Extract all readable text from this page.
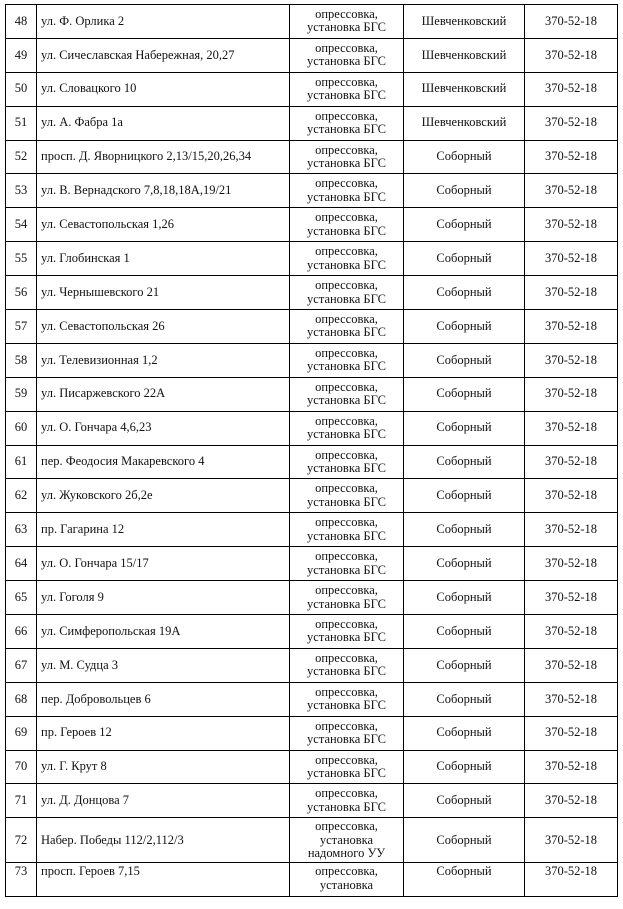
48	ул. Ф. Орлика 2	опрессовка,
установка БГС	Шевченковский	370-52-18
49	ул. Сичеславская Набережная, 20,27	опрессовка,
установка БГС	Шевченковский	370-52-18
50	ул. Словацкого 10	опрессовка,
установка БГС	Шевченковский	370-52-18
51	ул. А. Фабра 1а	опрессовка,
установка БГС	Шевченковский	370-52-18
52	просп. Д. Яворницкого 2,13/15,20,26,34	опрессовка,
установка БГС	Соборный	370-52-18
53	ул. В. Вернадского 7,8,18,18А,19/21	опрессовка,
установка БГС	Соборный	370-52-18
54	ул. Севастопольская 1,26	опрессовка,
установка БГС	Соборный	370-52-18
55	ул. Глобинская 1	опрессовка,
установка БГС	Соборный	370-52-18
56	ул. Чернышевского 21	опрессовка,
установка БГС	Соборный	370-52-18
57	ул. Севастопольская 26	опрессовка,
установка БГС	Соборный	370-52-18
58	ул. Телевизионная 1,2	опрессовка,
установка БГС	Соборный	370-52-18
59	ул. Писаржевского 22А	опрессовка,
установка БГС	Соборный	370-52-18
60	ул. О. Гончара 4,6,23	опрессовка,
установка БГС	Соборный	370-52-18
61	пер. Феодосия Макаревского 4	опрессовка,
установка БГС	Соборный	370-52-18
62	ул. Жуковского 2б,2е	опрессовка,
установка БГС	Соборный	370-52-18
63	пр. Гагарина 12	опрессовка,
установка БГС	Соборный	370-52-18
64	ул. О. Гончара 15/17	опрессовка,
установка БГС	Соборный	370-52-18
65	ул. Гоголя 9	опрессовка,
установка БГС	Соборный	370-52-18
66	ул. Симферопольская 19А	опрессовка,
установка БГС	Соборный	370-52-18
67	ул. М. Судца 3	опрессовка,
установка БГС	Соборный	370-52-18
68	пер. Добровольцев 6	опрессовка,
установка БГС	Соборный	370-52-18
69	пр. Героев 12	опрессовка,
установка БГС	Соборный	370-52-18
70	ул. Г. Крут 8	опрессовка,
установка БГС	Соборный	370-52-18
71	ул. Д. Донцова 7	опрессовка,
установка БГС	Соборный	370-52-18
72	Набер. Победы 112/2,112/3	опрессовка,
установка
надомного УУ	Соборный	370-52-18
73	просп. Героев 7,15	опрессовка,
установка	Соборный	370-52-18
